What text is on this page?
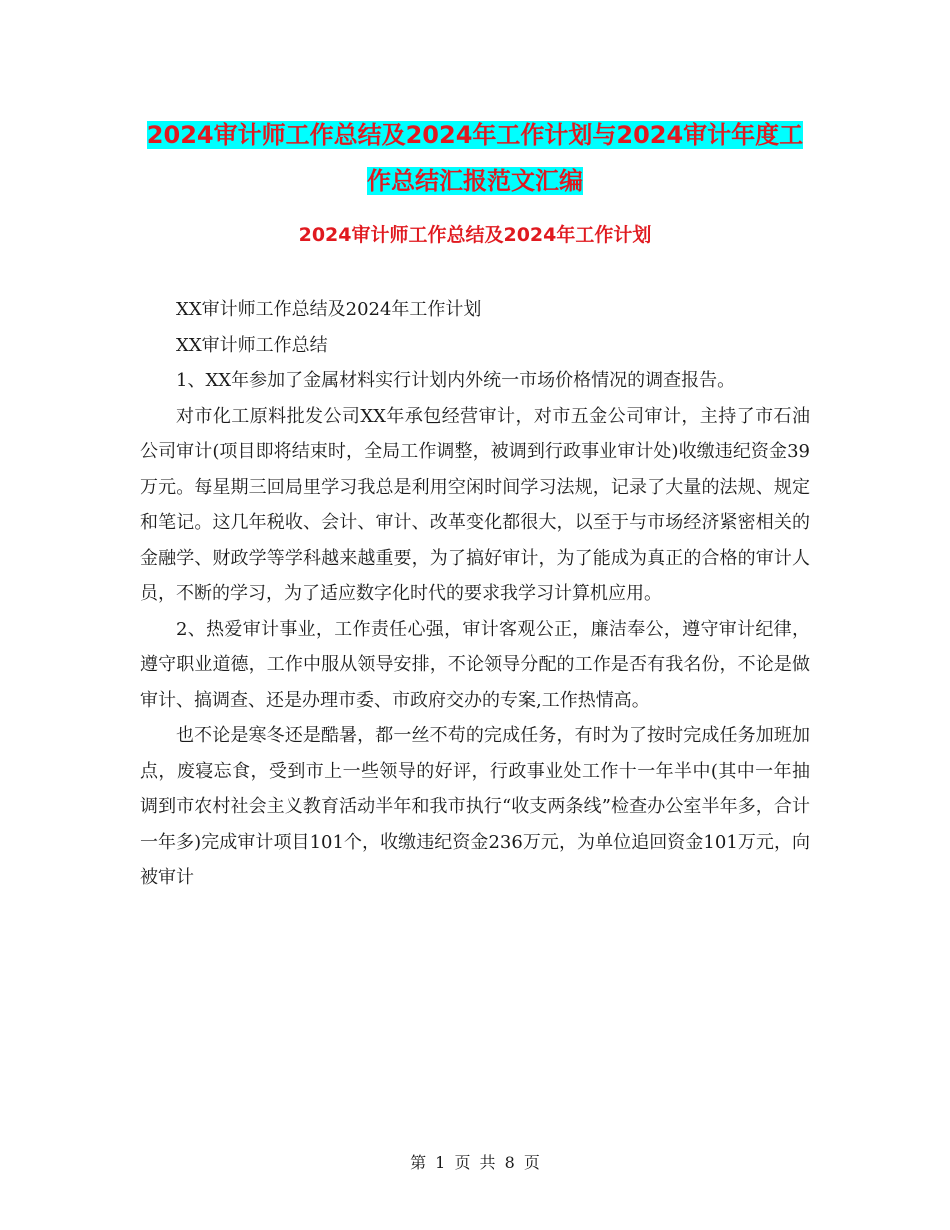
2024审计师工作总结及2024年工作计划与2024审计年度工作总结汇报范文汇编
2024审计师工作总结及2024年工作计划

XX审计师工作总结及2024年工作计划

XX审计师工作总结

1、XX年参加了金属材料实行计划内外统一市场价格情况的调查报告。

对市化工原料批发公司XX年承包经营审计，对市五金公司审计，主持了市石油公司审计(项目即将结束时，全局工作调整，被调到行政事业审计处)收缴违纪资金39万元。每星期三回局里学习我总是利用空闲时间学习法规，记录了大量的法规、规定和笔记。这几年税收、会计、审计、改革变化都很大，以至于与市场经济紧密相关的金融学、财政学等学科越来越重要，为了搞好审计，为了能成为真正的合格的审计人员，不断的学习，为了适应数字化时代的要求我学习计算机应用。

2、热爱审计事业，工作责任心强，审计客观公正，廉洁奉公，遵守审计纪律，遵守职业道德，工作中服从领导安排，不论领导分配的工作是否有我名份，不论是做审计、搞调查、还是办理市委、市政府交办的专案,工作热情高。

也不论是寒冬还是酷暑，都一丝不苟的完成任务，有时为了按时完成任务加班加点，废寝忘食，受到市上一些领导的好评，行政事业处工作十一年半中(其中一年抽调到市农村社会主义教育活动半年和我市执行“收支两条线”检查办公室半年多，合计一年多)完成审计项目101个，收缴违纪资金236万元，为单位追回资金101万元，向被审计

第 1 页 共 8 页
